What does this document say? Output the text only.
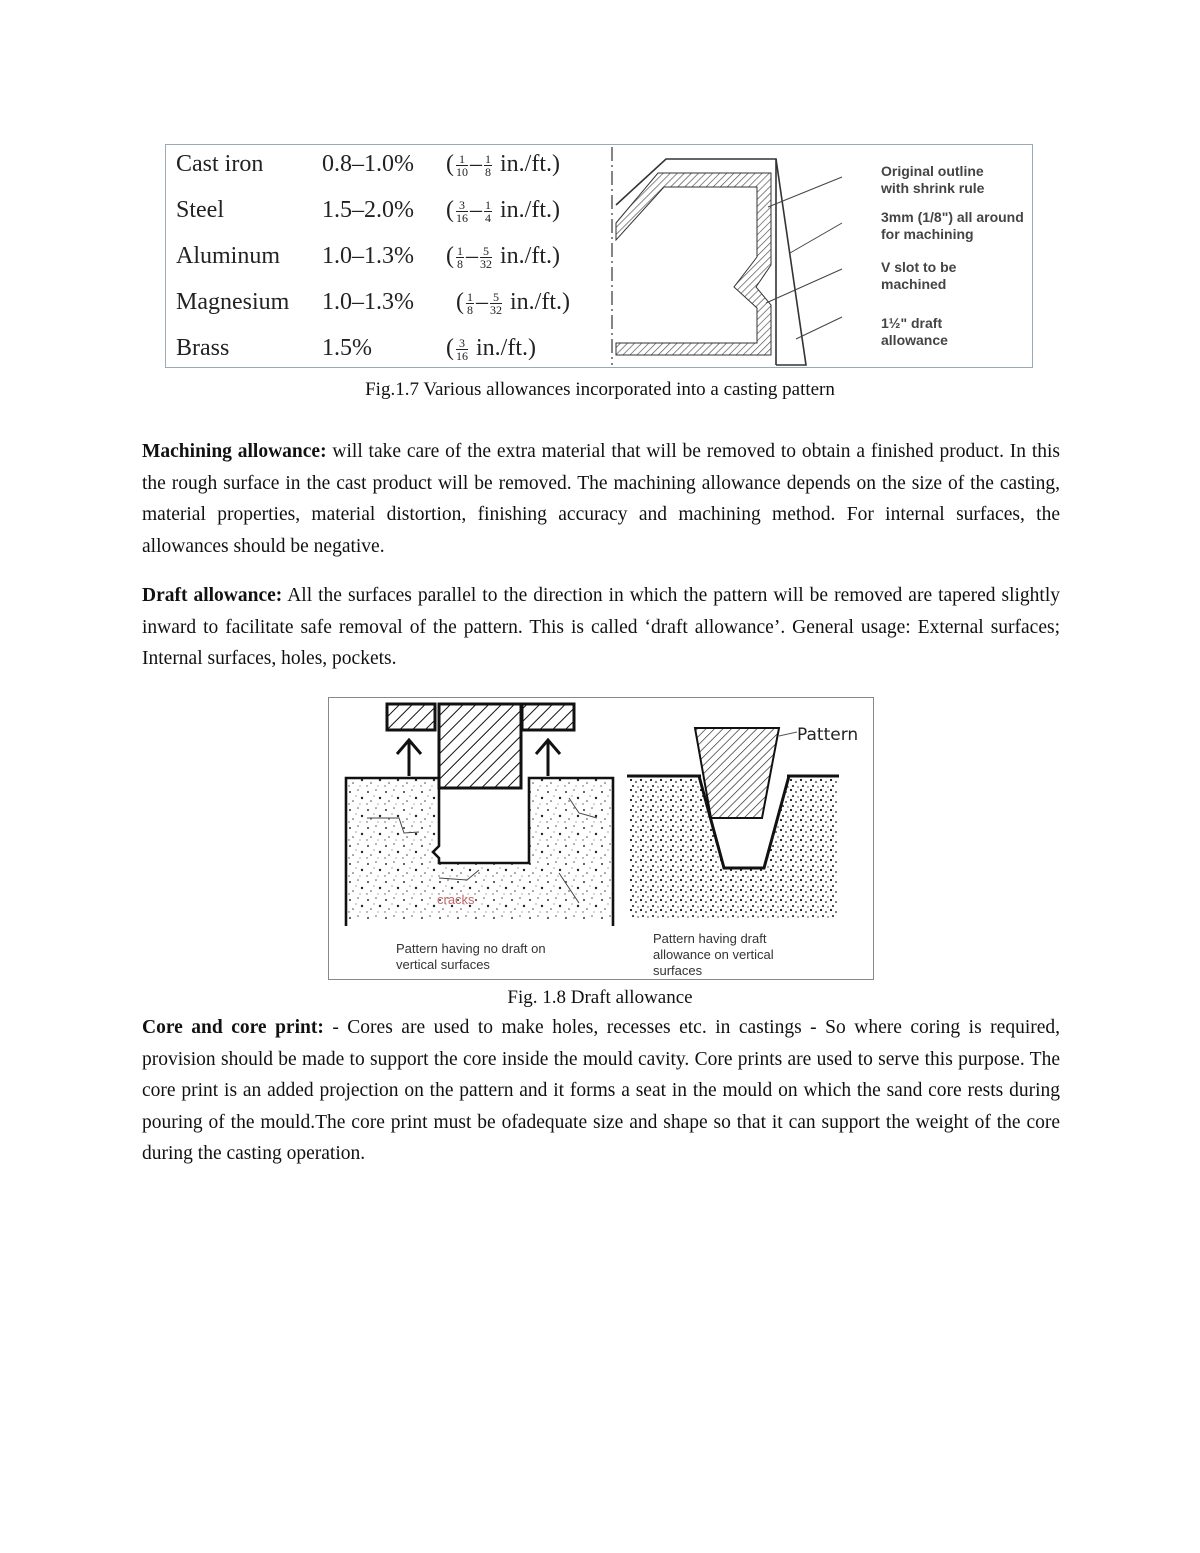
Cast iron 0.8–1.0% ( $\frac{1}{10} - \frac{1}{8} in./ft$.)
Steel	1.5–2.0% ( $\frac{3}{16} - \frac{1}{4} in./ft$.)
Aluminum 1.0–1.3% ( $\frac{1}{8} - \frac{5}{32} in./ft$.)
Magnesium 1.0–1.3% ( $\frac{1}{8} - \frac{5}{32} in./ft$.)
Brass	1.5%	( $\frac{3}{16} in./ft$.)
Original outline
with shrink rule
3mm (1/8") all around
for machining
V slot to be
machined
1½" draft
allowance
Fig.1.7 Various allowances incorporated into a casting pattern
Machining allowance: will take care of the extra material that will be removed to obtain a finished product. In this the rough surface in the cast product will be removed. The machining allowance depends on the size of the casting, material properties, material distortion, finishing accuracy and machining method. For internal surfaces, the allowances should be negative.
Draft allowance: All the surfaces parallel to the direction in which the pattern will be removed are tapered slightly inward to facilitate safe removal of the pattern. This is called ‘draft allowance’. General usage: External surfaces; Internal surfaces, holes, pockets.
cracks
Pattern
Pattern having no draft on
vertical surfaces
Pattern having draft
allowance on vertical
surfaces
Fig. 1.8 Draft allowance
Core and core print: - Cores are used to make holes, recesses etc. in castings - So where coring is required, provision should be made to support the core inside the mould cavity. Core prints are used to serve this purpose. The core print is an added projection on the pattern and it forms a seat in the mould on which the sand core rests during pouring of the mould.The core print must be ofadequate size and shape so that it can support the weight of the core during the casting operation.
